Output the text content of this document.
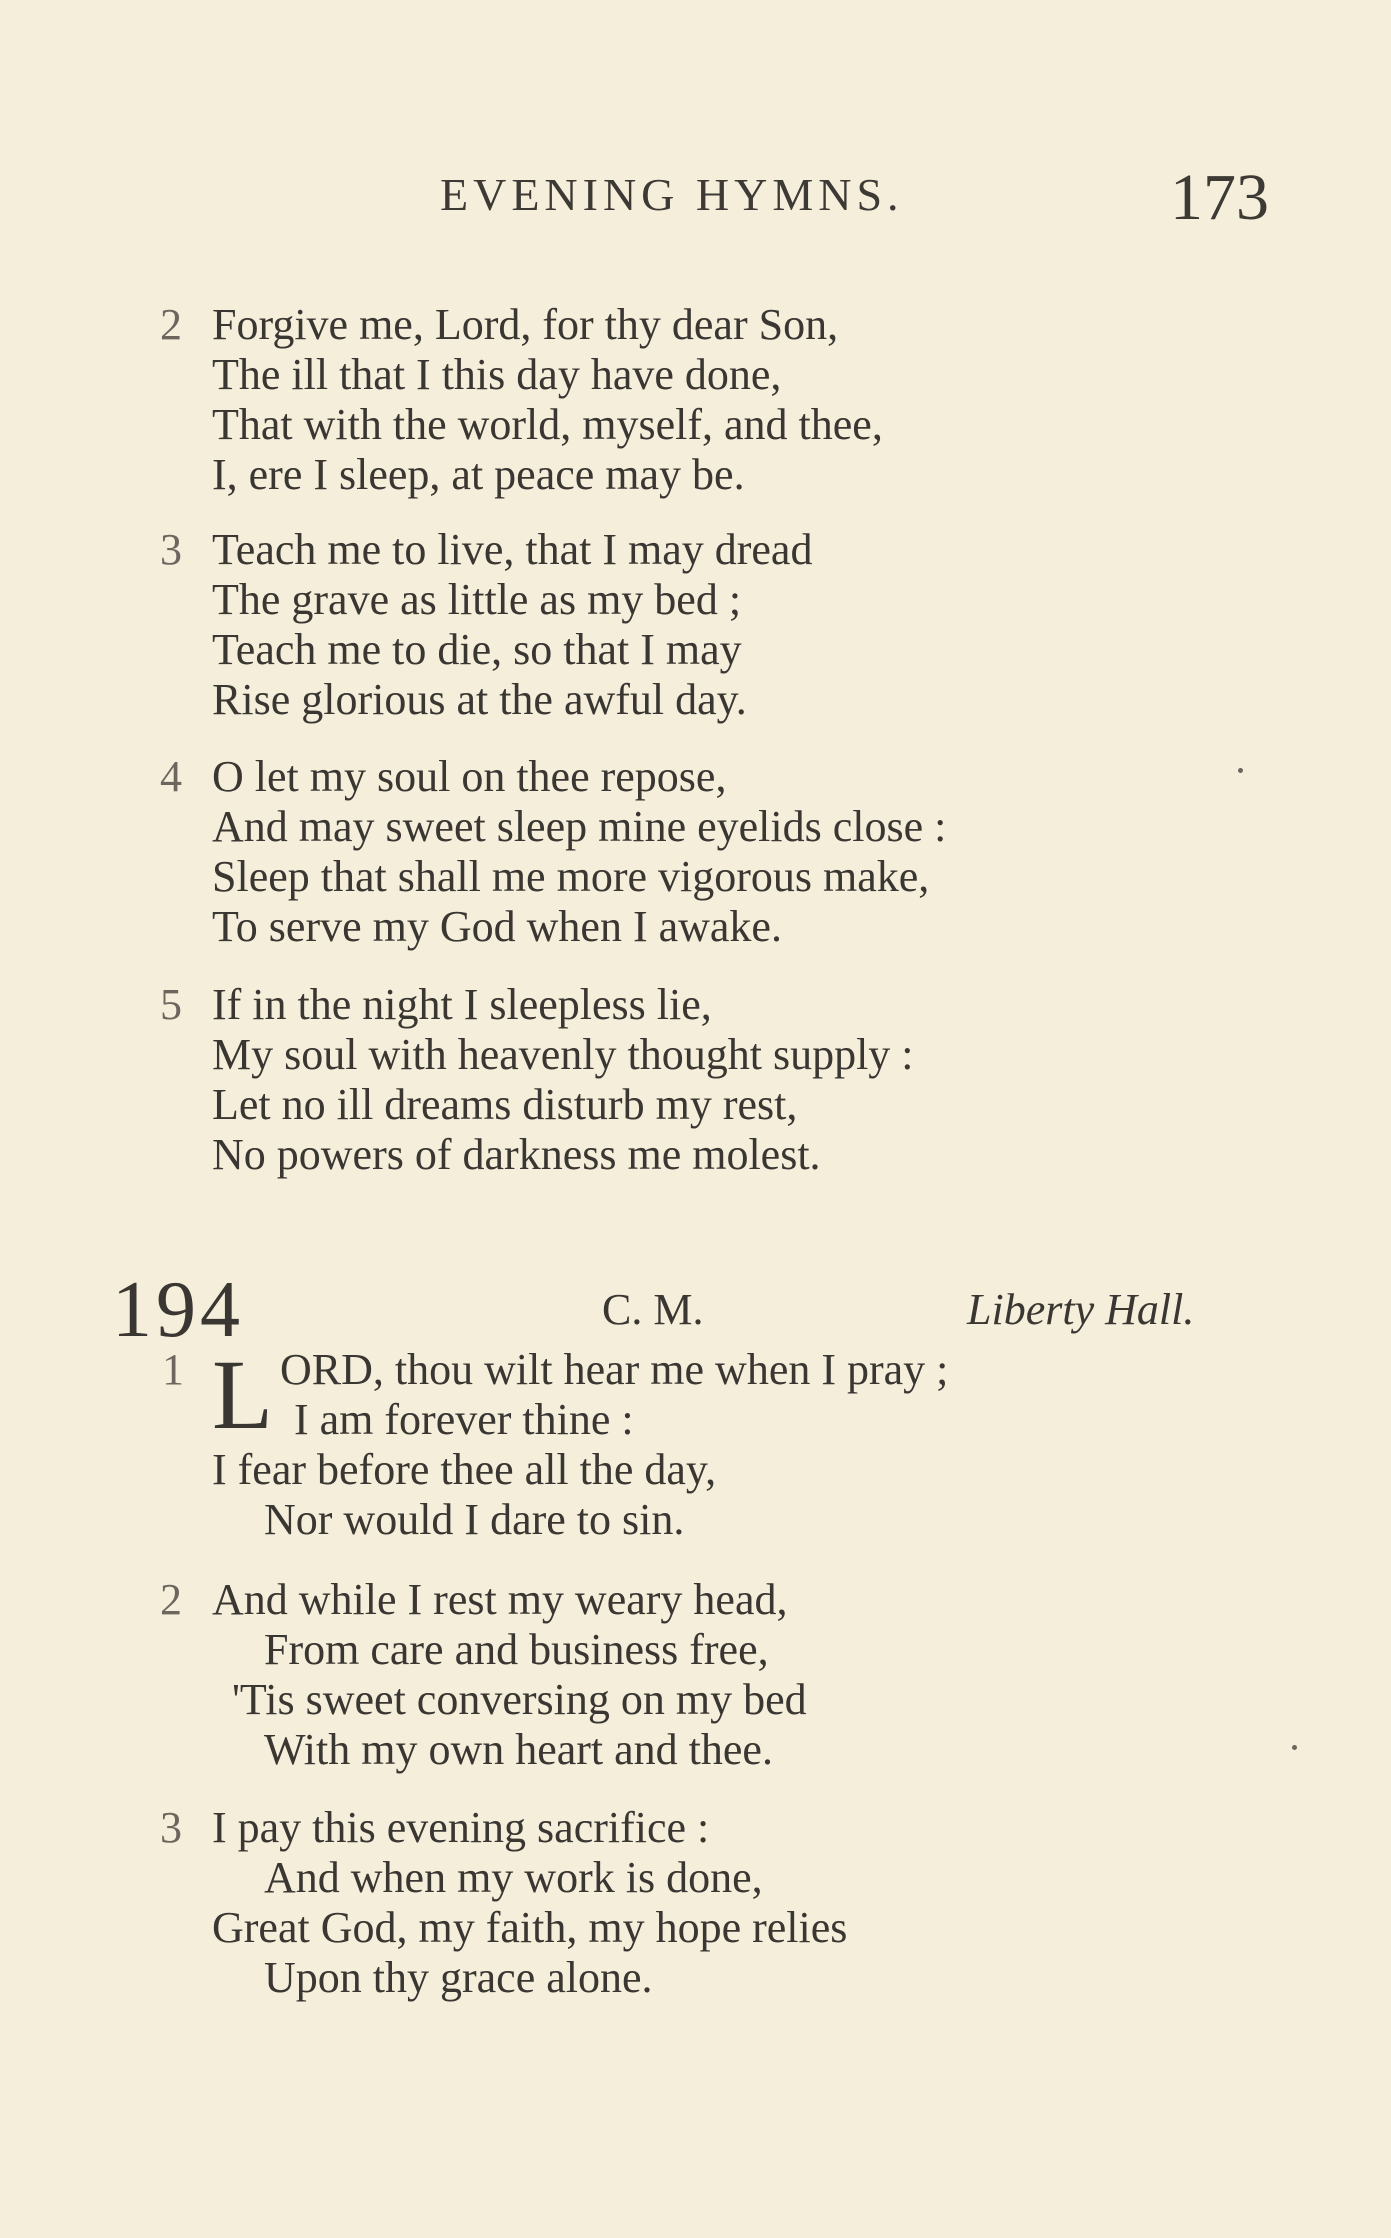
EVENING HYMNS.	173
2 Forgive me, Lord, for thy dear Son,
The ill that I this day have done,
That with the world, myself, and thee,
I, ere I sleep, at peace may be.
3 Teach me to live, that I may dread
The grave as little as my bed ;
Teach me to die, so that I may
Rise glorious at the awful day.
4 O let my soul on thee repose,
And may sweet sleep mine eyelids close :
Sleep that shall me more vigorous make,
To serve my God when I awake.
5 If in the night I sleepless lie,
My soul with heavenly thought supply :
Let no ill dreams disturb my rest,
No powers of darkness me molest.
194	C. M.	Liberty Hall.
1 L ORD, thou wilt hear me when I pray ;
I am forever thine :
I fear before thee all the day,
Nor would I dare to sin.
2 And while I rest my weary head,
From care and business free,
'Tis sweet conversing on my bed
With my own heart and thee.
3 I pay this evening sacrifice :
And when my work is done,
Great God, my faith, my hope relies
Upon thy grace alone.
